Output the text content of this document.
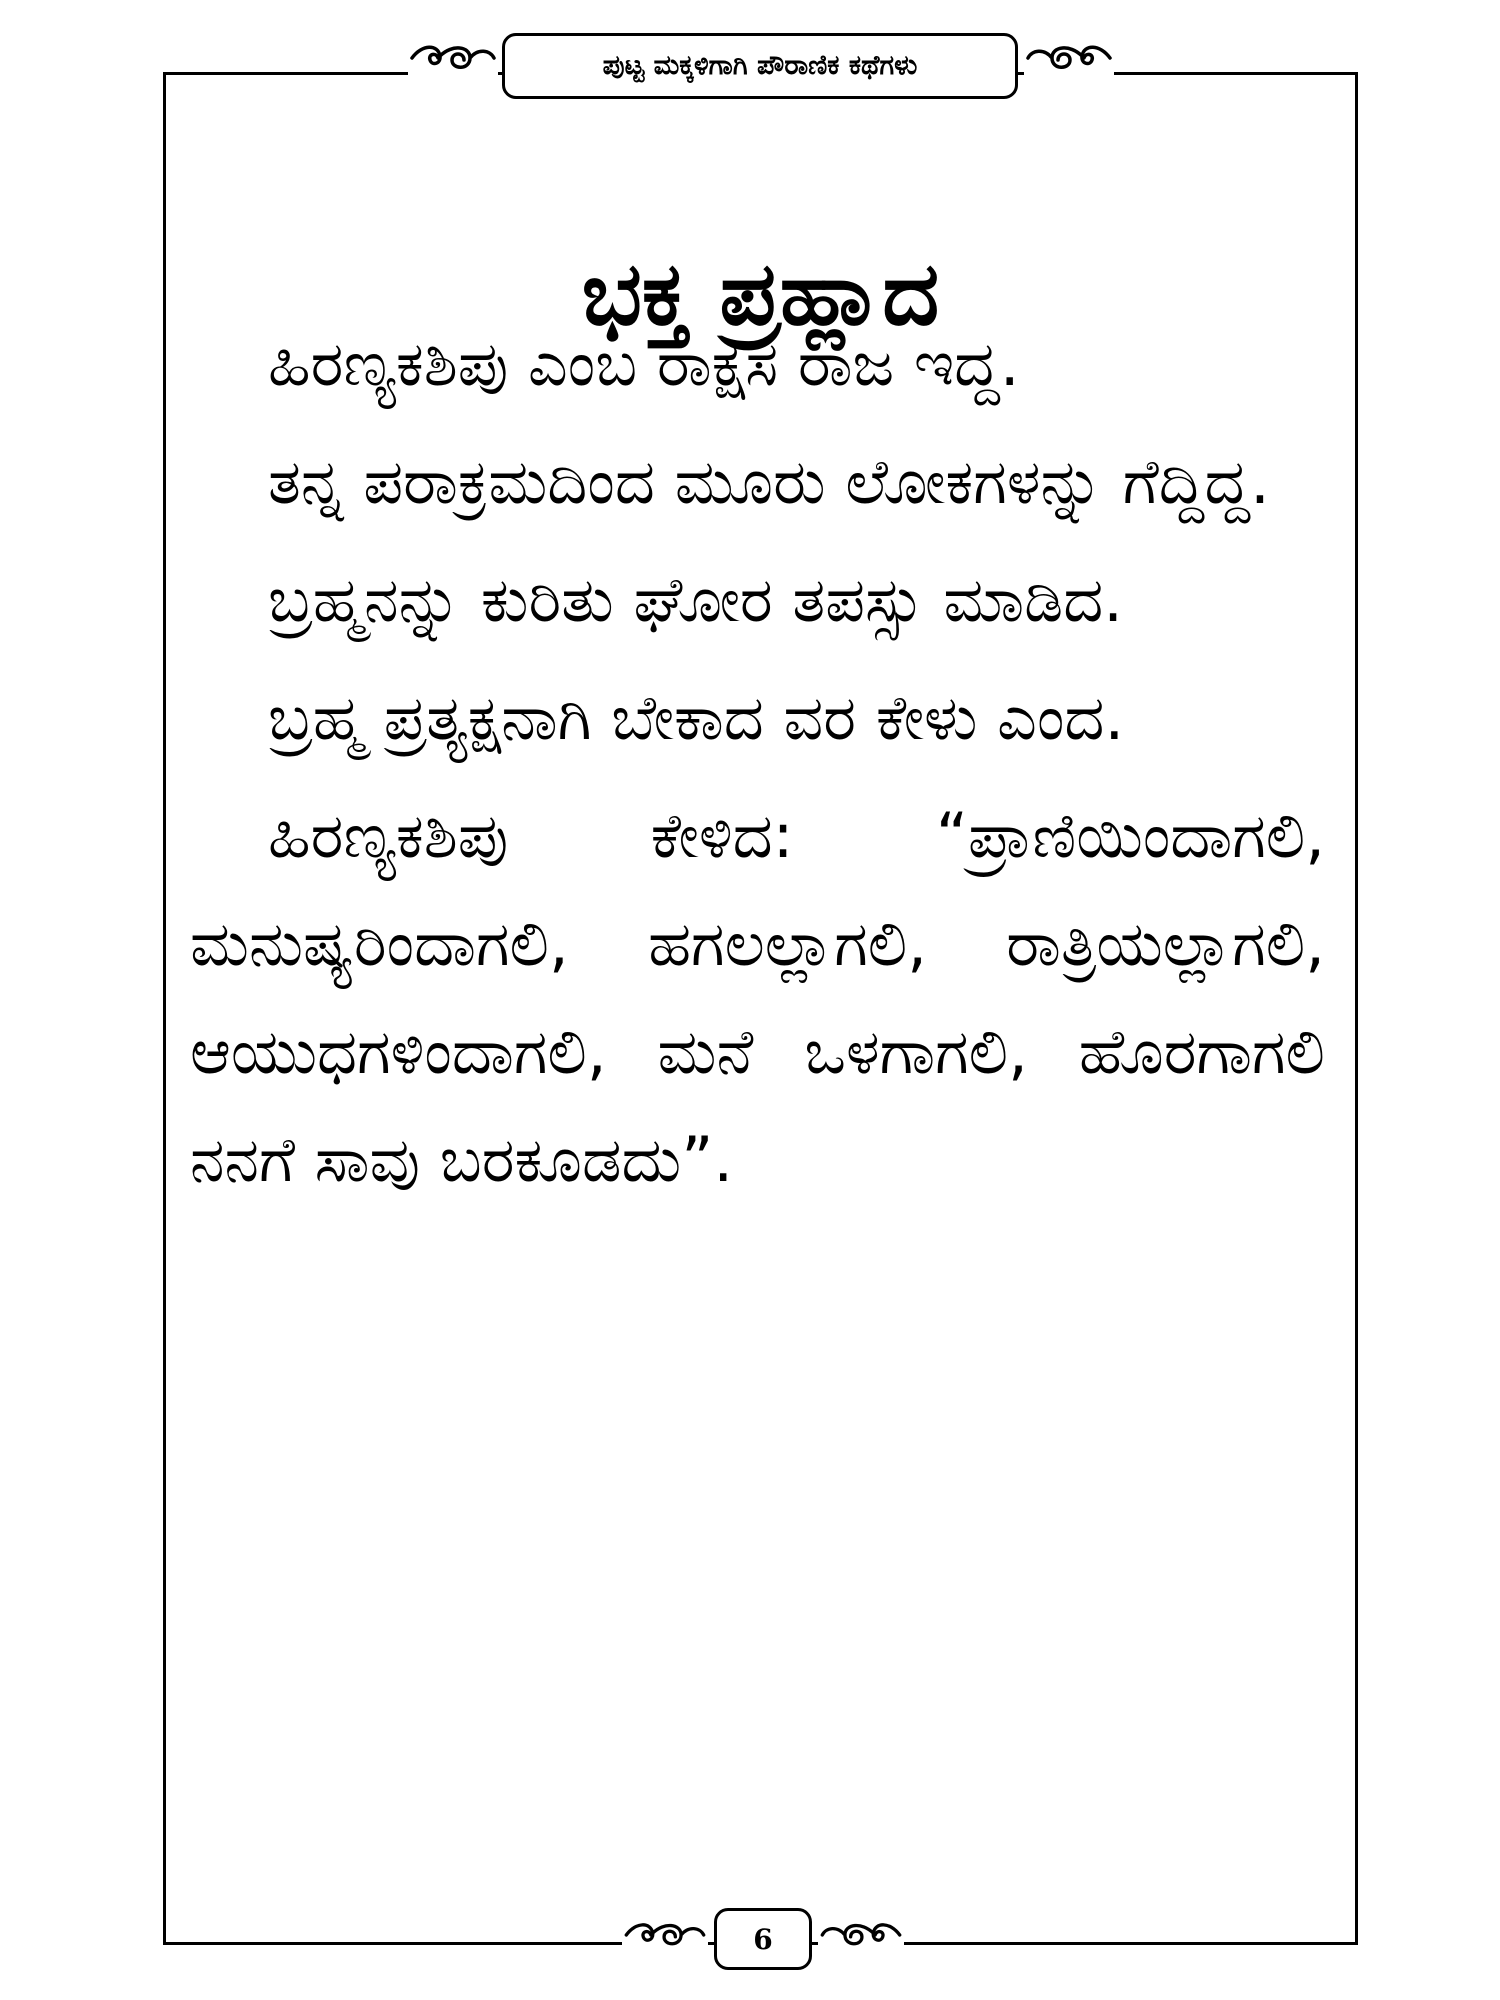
ಪುಟ್ಟ ಮಕ್ಕಳಿಗಾಗಿ ಪೌರಾಣಿಕ ಕಥೆಗಳು
ಭಕ್ತ ಪ್ರಹ್ಲಾದ

ಹಿರಣ್ಯಕಶಿಪು ಎಂಬ ರಾಕ್ಷಸ ರಾಜ ಇದ್ದ.

ತನ್ನ ಪರಾಕ್ರಮದಿಂದ ಮೂರು ಲೋಕಗಳನ್ನು ಗೆದ್ದಿದ್ದ.

ಬ್ರಹ್ಮನನ್ನು ಕುರಿತು ಘೋರ ತಪಸ್ಸು ಮಾಡಿದ.

ಬ್ರಹ್ಮ ಪ್ರತ್ಯಕ್ಷನಾಗಿ ಬೇಕಾದ ವರ ಕೇಳು ಎಂದ.

ಹಿರಣ್ಯಕಶಿಪು ಕೇಳಿದ: “ಪ್ರಾಣಿಯಿಂದಾಗಲಿ, ಮನುಷ್ಯರಿಂದಾಗಲಿ, ಹಗಲಲ್ಲಾಗಲಿ, ರಾತ್ರಿಯಲ್ಲಾಗಲಿ, ಆಯುಧಗಳಿಂದಾಗಲಿ, ಮನೆ ಒಳಗಾಗಲಿ, ಹೊರಗಾಗಲಿ ನನಗೆ ಸಾವು ಬರಕೂಡದು”.

6
